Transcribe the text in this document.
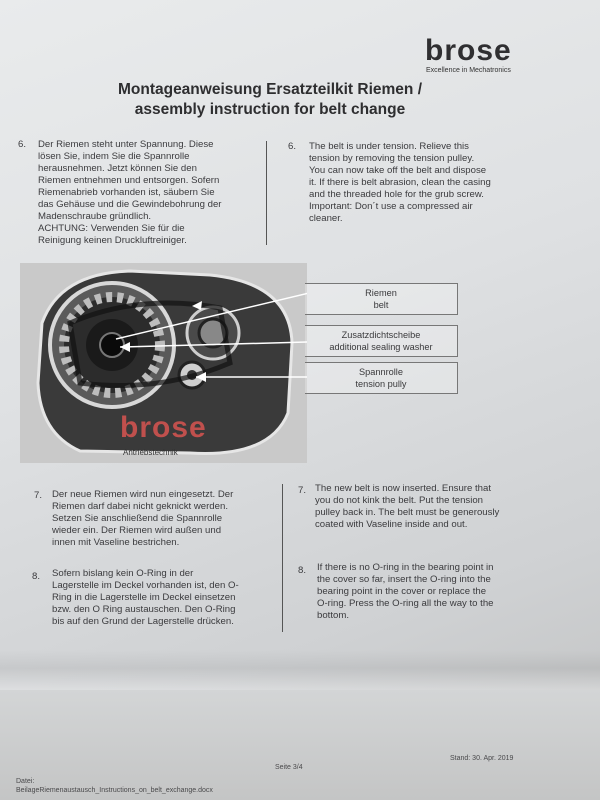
brose
Excellence in Mechatronics
Montageanweisung Ersatzteilkit Riemen /
assembly instruction for belt change
6. Der Riemen steht unter Spannung. Diese
lösen Sie, indem Sie die Spannrolle
herausnehmen. Jetzt können Sie den
Riemen entnehmen und entsorgen. Sofern
Riemenabrieb vorhanden ist, säubern Sie
das Gehäuse und die Gewindebohrung der
Madenschraube gründlich.
ACHTUNG: Verwenden Sie für die
Reinigung keinen Druckluftreiniger.
6. The belt is under tension. Relieve this
tension by removing the tension pulley.
You can now take off the belt and dispose
it. If there is belt abrasion, clean the casing
and the threaded hole for the grub screw.
Important: Don´t use a compressed air
cleaner.
brose
Antriebstechnik
Riemen
belt
Zusatzdichtscheibe
additional sealing washer
Spannrolle
tension pully
7. Der neue Riemen wird nun eingesetzt. Der
Riemen darf dabei nicht geknickt werden.
Setzen Sie anschließend die Spannrolle
wieder ein. Der Riemen wird außen und
innen mit Vaseline bestrichen.
7. The new belt is now inserted. Ensure that
you do not kink the belt. Put the tension
pulley back in. The belt must be generously
coated with Vaseline inside and out.
8. Sofern bislang kein O-Ring in der
Lagerstelle im Deckel vorhanden ist, den O-
Ring in die Lagerstelle im Deckel einsetzen
bzw. den O Ring austauschen. Den O-Ring
bis auf den Grund der Lagerstelle drücken.
8. If there is no O-ring in the bearing point in
the cover so far, insert the O-ring into the
bearing point in the cover or replace the
O-ring. Press the O-ring all the way to the
bottom.
Seite 3/4
Stand: 30. Apr. 2019
Datei:
BeilageRiemenaustausch_Instructions_on_belt_exchange.docx
